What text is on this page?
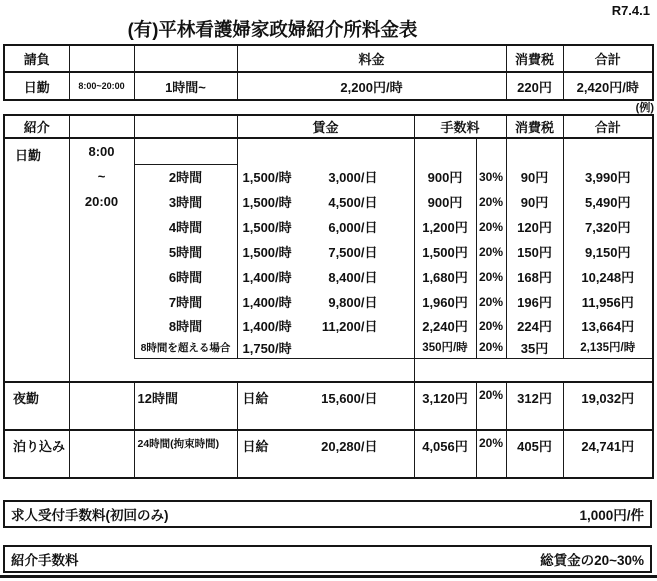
R7.4.1
(有)平林看護婦家政婦紹介所料金表
請負			料金	消費税	合計
日勤	8:00~20:00	1時間~	2,200円/時	220円	2,420円/時
(例)
紹介			賃金	手数料		消費税	合計
日勤	8:00						
	~	2時間	1,500/時 3,000/日	900円	30%	90円	3,990円
	20:00	3時間	1,500/時 4,500/日	900円	20%	90円	5,490円
		4時間	1,500/時 6,000/日	1,200円	20%	120円	7,320円
		5時間	1,500/時 7,500/日	1,500円	20%	150円	9,150円
		6時間	1,400/時 8,400/日	1,680円	20%	168円	10,248円
		7時間	1,400/時 9,800/日	1,960円	20%	196円	11,956円
		8時間	1,400/時 11,200/日	2,240円	20%	224円	13,664円
		8時間を超える場合	1,750/時	350円/時	20%	35円	2,135円/時

夜勤		12時間	日給 15,600/日	3,120円	20%	312円	19,032円
泊り込み		24時間(拘束時間)	日給 20,280/日	4,056円	20%	405円	24,741円
求人受付手数料(初回のみ)	1,000円/件
紹介手数料	総賃金の20~30%
